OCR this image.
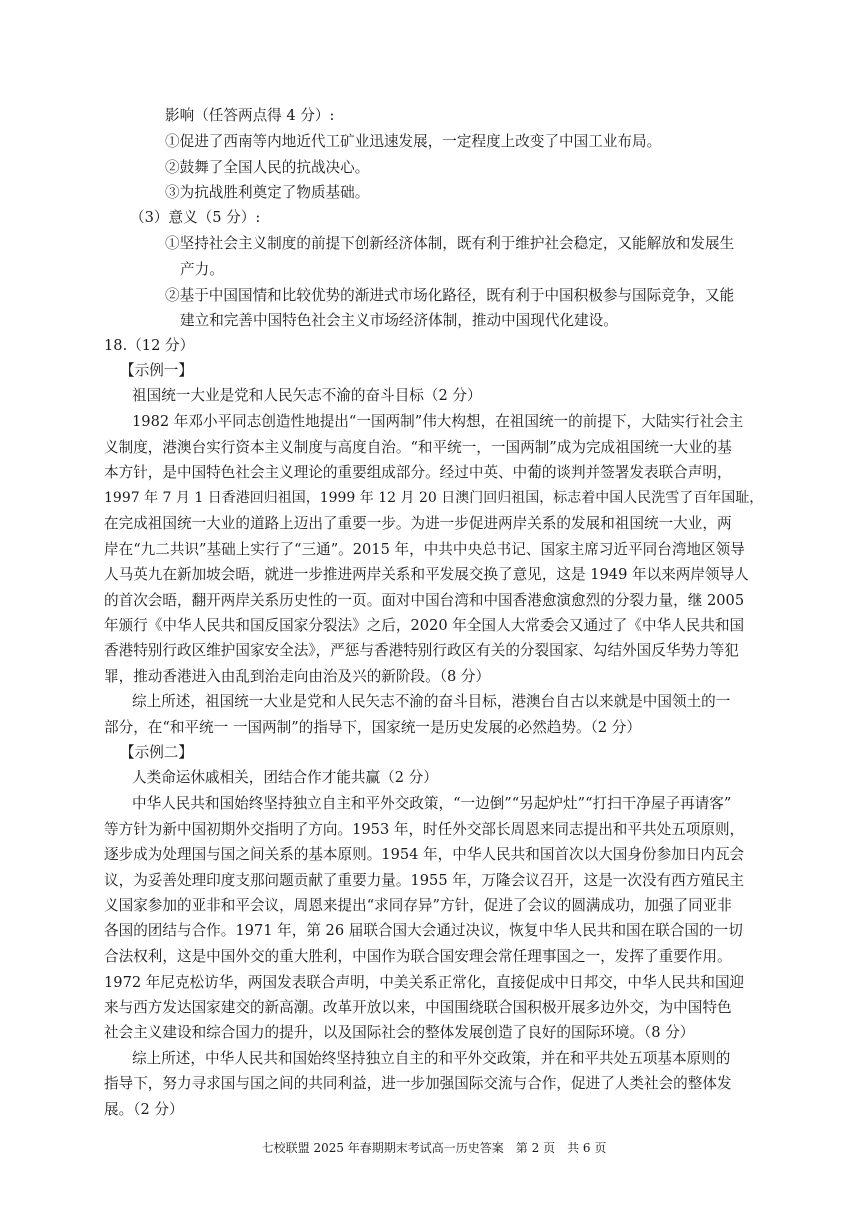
影响（任答两点得 4 分）:
①促进了西南等内地近代工矿业迅速发展，一定程度上改变了中国工业布局。
②鼓舞了全国人民的抗战决心。
③为抗战胜利奠定了物质基础。
（3）意义（5 分）:
①坚持社会主义制度的前提下创新经济体制，既有利于维护社会稳定，又能解放和发展生
产力。
②基于中国国情和比较优势的渐进式市场化路径，既有利于中国积极参与国际竞争，又能
建立和完善中国特色社会主义市场经济体制，推动中国现代化建设。
18.（12 分）
【示例一】
祖国统一大业是党和人民矢志不渝的奋斗目标（2 分）
1982 年邓小平同志创造性地提出“一国两制”伟大构想，在祖国统一的前提下，大陆实行社会主
义制度，港澳台实行资本主义制度与高度自治。“和平统一，一国两制”成为完成祖国统一大业的基
本方针，是中国特色社会主义理论的重要组成部分。经过中英、中葡的谈判并签署发表联合声明，
1997 年 7 月 1 日香港回归祖国，1999 年 12 月 20 日澳门回归祖国，标志着中国人民洗雪了百年国耻，
在完成祖国统一大业的道路上迈出了重要一步。为进一步促进两岸关系的发展和祖国统一大业，两
岸在“九二共识”基础上实行了“三通”。2015 年，中共中央总书记、国家主席习近平同台湾地区领导
人马英九在新加坡会晤，就进一步推进两岸关系和平发展交换了意见，这是 1949 年以来两岸领导人
的首次会晤，翻开两岸关系历史性的一页。面对中国台湾和中国香港愈演愈烈的分裂力量，继 2005
年颁行《中华人民共和国反国家分裂法》之后，2020 年全国人大常委会又通过了《中华人民共和国
香港特别行政区维护国家安全法》，严惩与香港特别行政区有关的分裂国家、勾结外国反华势力等犯
罪，推动香港进入由乱到治走向由治及兴的新阶段。（8 分）
综上所述，祖国统一大业是党和人民矢志不渝的奋斗目标，港澳台自古以来就是中国领土的一
部分，在“和平统一 一国两制”的指导下，国家统一是历史发展的必然趋势。（2 分）
【示例二】
人类命运休戚相关，团结合作才能共赢（2 分）
中华人民共和国始终坚持独立自主和平外交政策，“一边倒”“另起炉灶”“打扫干净屋子再请客”
等方针为新中国初期外交指明了方向。1953 年，时任外交部长周恩来同志提出和平共处五项原则，
逐步成为处理国与国之间关系的基本原则。1954 年，中华人民共和国首次以大国身份参加日内瓦会
议，为妥善处理印度支那问题贡献了重要力量。1955 年，万隆会议召开，这是一次没有西方殖民主
义国家参加的亚非和平会议，周恩来提出“求同存异”方针，促进了会议的圆满成功，加强了同亚非
各国的团结与合作。1971 年，第 26 届联合国大会通过决议，恢复中华人民共和国在联合国的一切
合法权利，这是中国外交的重大胜利，中国作为联合国安理会常任理事国之一，发挥了重要作用。
1972 年尼克松访华，两国发表联合声明，中美关系正常化，直接促成中日邦交，中华人民共和国迎
来与西方发达国家建交的新高潮。改革开放以来，中国围绕联合国积极开展多边外交，为中国特色
社会主义建设和综合国力的提升，以及国际社会的整体发展创造了良好的国际环境。（8 分）
综上所述，中华人民共和国始终坚持独立自主的和平外交政策，并在和平共处五项基本原则的
指导下，努力寻求国与国之间的共同利益，进一步加强国际交流与合作，促进了人类社会的整体发
展。（2 分）
七校联盟 2025 年春期期末考试高一历史答案　第 2 页　共 6 页
